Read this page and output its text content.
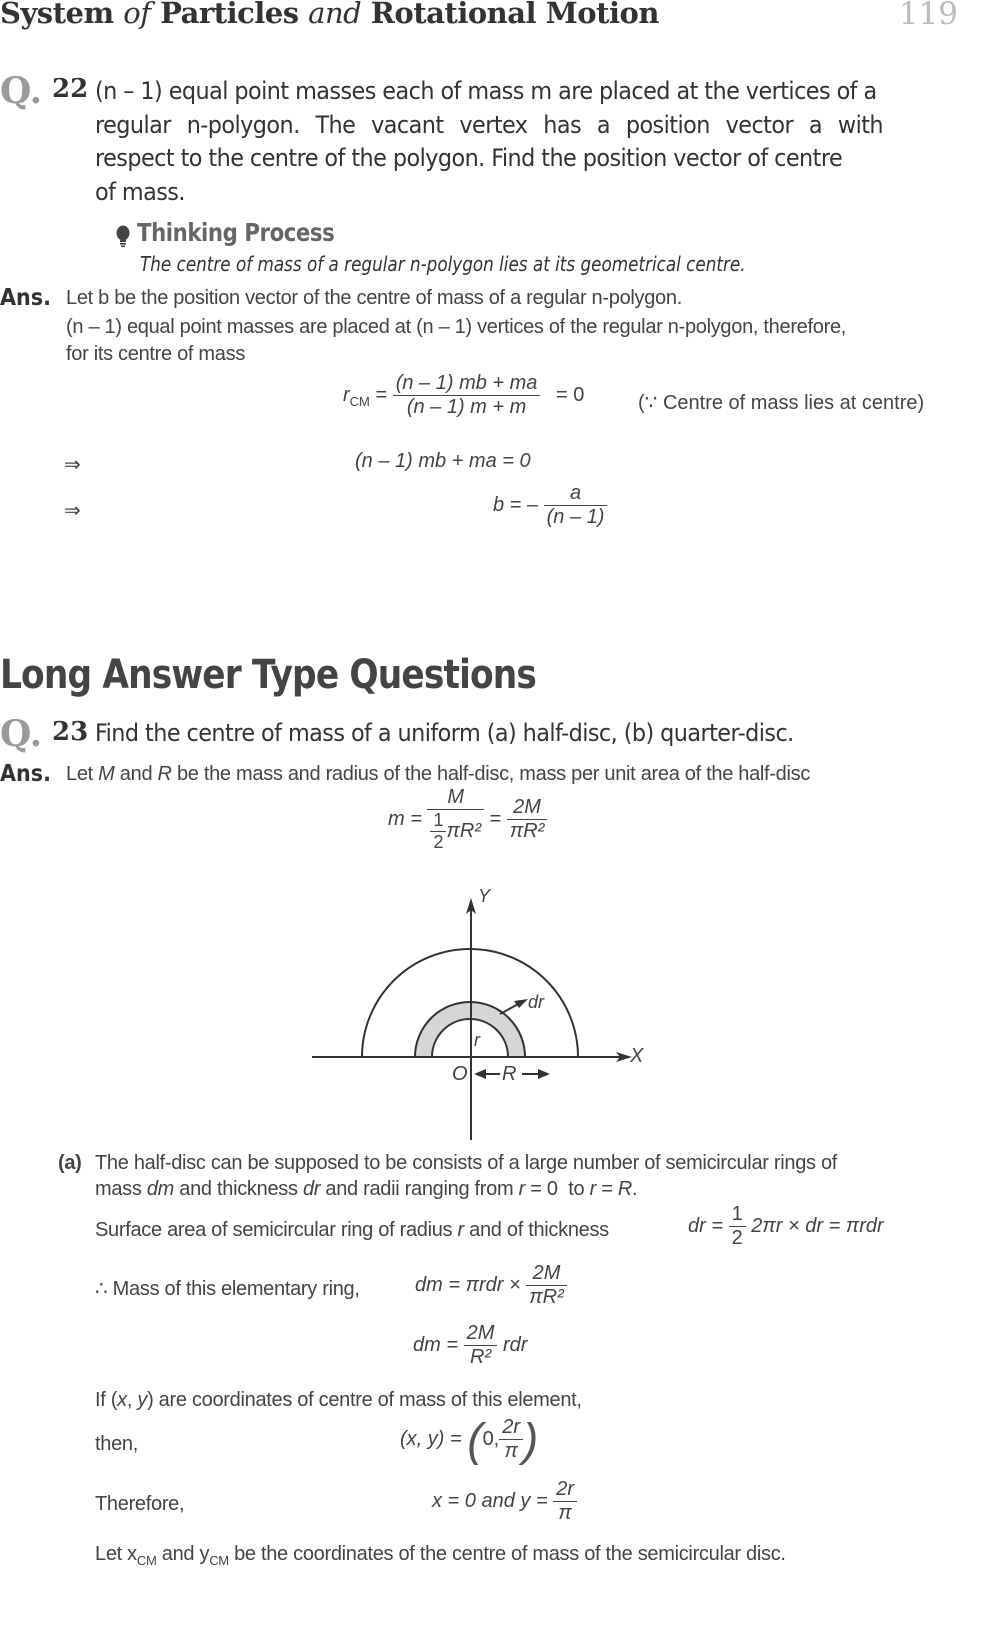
System of Particles and Rotational Motion	119
Q. 22 (n – 1) equal point masses each of mass m are placed at the vertices of a
regular n-polygon. The vacant vertex has a position vector a with
respect to the centre of the polygon. Find the position vector of centre
of mass.
Thinking Process
The centre of mass of a regular n-polygon lies at its geometrical centre.
Ans. Let b be the position vector of the centre of mass of a regular n-polygon.
(n – 1) equal point masses are placed at (n – 1) vertices of the regular n-polygon, therefore,
for its centre of mass
$r_{CM} = \frac{(n - 1) mb + ma}{(n - 1) m + m} = 0$	(∵ Centre of mass lies at centre)
⇒	(n – 1) mb + ma = 0
⇒	b = – $\frac{a}{(n - 1)}$
Long Answer Type Questions
Q. 23 Find the centre of mass of a uniform (a) half-disc, (b) quarter-disc.
Ans. Let M and R be the mass and radius of the half-disc, mass per unit area of the half-disc
$m = \frac{M}{\frac{1}{2} \pi R^2} = \frac{2M}{\text{πR²}}$
Y
X
O
r
dr
R
(a) The half-disc can be supposed to be consists of a large number of semicircular rings of
mass dm and thickness dr and radii ranging from r = 0  to r = R.
Surface area of semicircular ring of radius r and of thickness	dr = $\frac{1}{2} 2\pi r$ × dr = πrdr
∴ Mass of this elementary ring,	dm = $\pi rdr \times \frac{2M}{\text{πR²}}$
dm = $\frac{2M}{\text{R²}}$ rdr
If (x, y) are coordinates of centre of mass of this element,
then,	(x, y) = (0, $\frac{2r}{\pi}$ )
Therefore,	x = 0 and $y = \frac{2r}{\pi}$
Let $x_{CM}$ and $y_{CM}$ be the coordinates of the centre of mass of the semicircular disc.
